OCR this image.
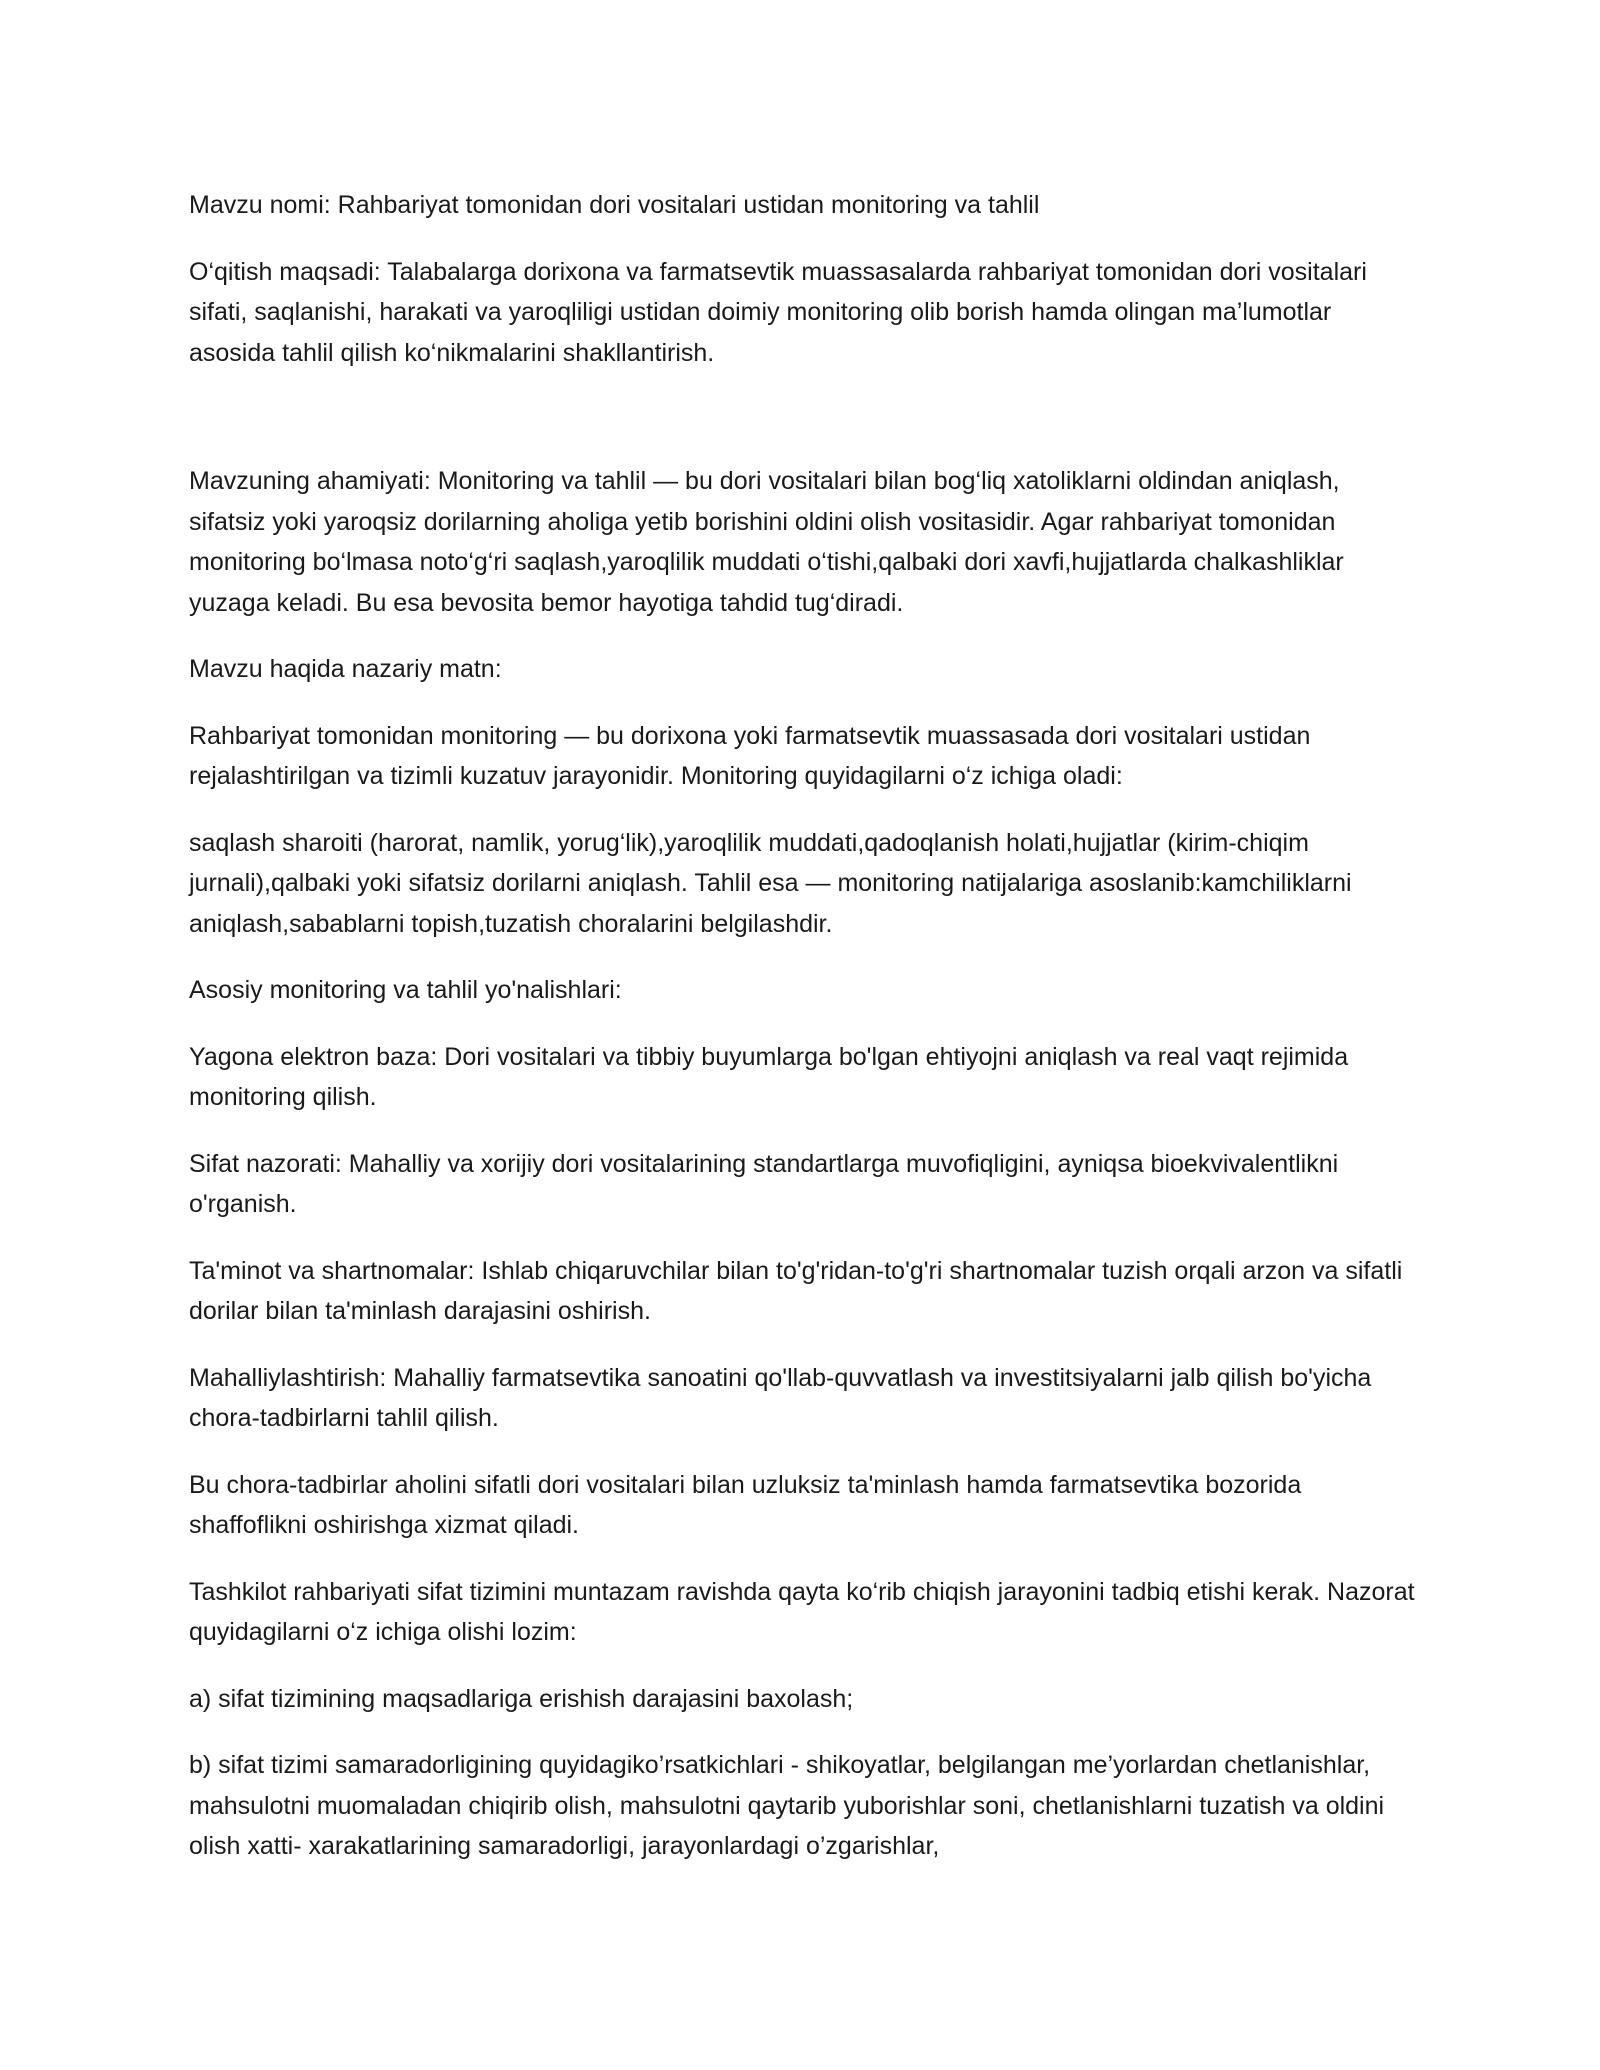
Mavzu nomi: Rahbariyat tomonidan dori vositalari ustidan monitoring va tahlil

O‘qitish maqsadi: Talabalarga dorixona va farmatsevtik muassasalarda rahbariyat tomonidan dori vositalari sifati, saqlanishi, harakati va yaroqliligi ustidan doimiy monitoring olib borish hamda olingan ma’lumotlar asosida tahlil qilish ko‘nikmalarini shakllantirish.

Mavzuning ahamiyati: Monitoring va tahlil — bu dori vositalari bilan bog‘liq xatoliklarni oldindan aniqlash, sifatsiz yoki yaroqsiz dorilarning aholiga yetib borishini oldini olish vositasidir. Agar rahbariyat tomonidan monitoring bo‘lmasa noto‘g‘ri saqlash,yaroqlilik muddati o‘tishi,qalbaki dori xavfi,hujjatlarda chalkashliklar yuzaga keladi. Bu esa bevosita bemor hayotiga tahdid tug‘diradi.

Mavzu haqida nazariy matn:

Rahbariyat tomonidan monitoring — bu dorixona yoki farmatsevtik muassasada dori vositalari ustidan rejalashtirilgan va tizimli kuzatuv jarayonidir. Monitoring quyidagilarni o‘z ichiga oladi:

saqlash sharoiti (harorat, namlik, yorug‘lik),yaroqlilik muddati,qadoqlanish holati,hujjatlar (kirim-chiqim jurnali),qalbaki yoki sifatsiz dorilarni aniqlash. Tahlil esa — monitoring natijalariga asoslanib:kamchiliklarni aniqlash,sabablarni topish,tuzatish choralarini belgilashdir.

Asosiy monitoring va tahlil yo'nalishlari:

Yagona elektron baza: Dori vositalari va tibbiy buyumlarga bo'lgan ehtiyojni aniqlash va real vaqt rejimida monitoring qilish.

Sifat nazorati: Mahalliy va xorijiy dori vositalarining standartlarga muvofiqligini, ayniqsa bioekvivalentlikni o'rganish.

Ta'minot va shartnomalar: Ishlab chiqaruvchilar bilan to'g'ridan-to'g'ri shartnomalar tuzish orqali arzon va sifatli dorilar bilan ta'minlash darajasini oshirish.

Mahalliylashtirish: Mahalliy farmatsevtika sanoatini qo'llab-quvvatlash va investitsiyalarni jalb qilish bo'yicha chora-tadbirlarni tahlil qilish.

Bu chora-tadbirlar aholini sifatli dori vositalari bilan uzluksiz ta'minlash hamda farmatsevtika bozorida shaffoflikni oshirishga xizmat qiladi.

Tashkilot rahbariyati sifat tizimini muntazam ravishda qayta ko‘rib chiqish jarayonini tadbiq etishi kerak. Nazorat quyidagilarni o‘z ichiga olishi lozim:

a) sifat tizimining maqsadlariga erishish darajasini baxolash;

b) sifat tizimi samaradorligining quyidagiko’rsatkichlari - shikoyatlar, belgilangan me’yorlardan chetlanishlar, mahsulotni muomaladan chiqirib olish, mahsulotni qaytarib yuborishlar soni, chetlanishlarni tuzatish va oldini olish xatti- xarakatlarining samaradorligi, jarayonlardagi o’zgarishlar,
